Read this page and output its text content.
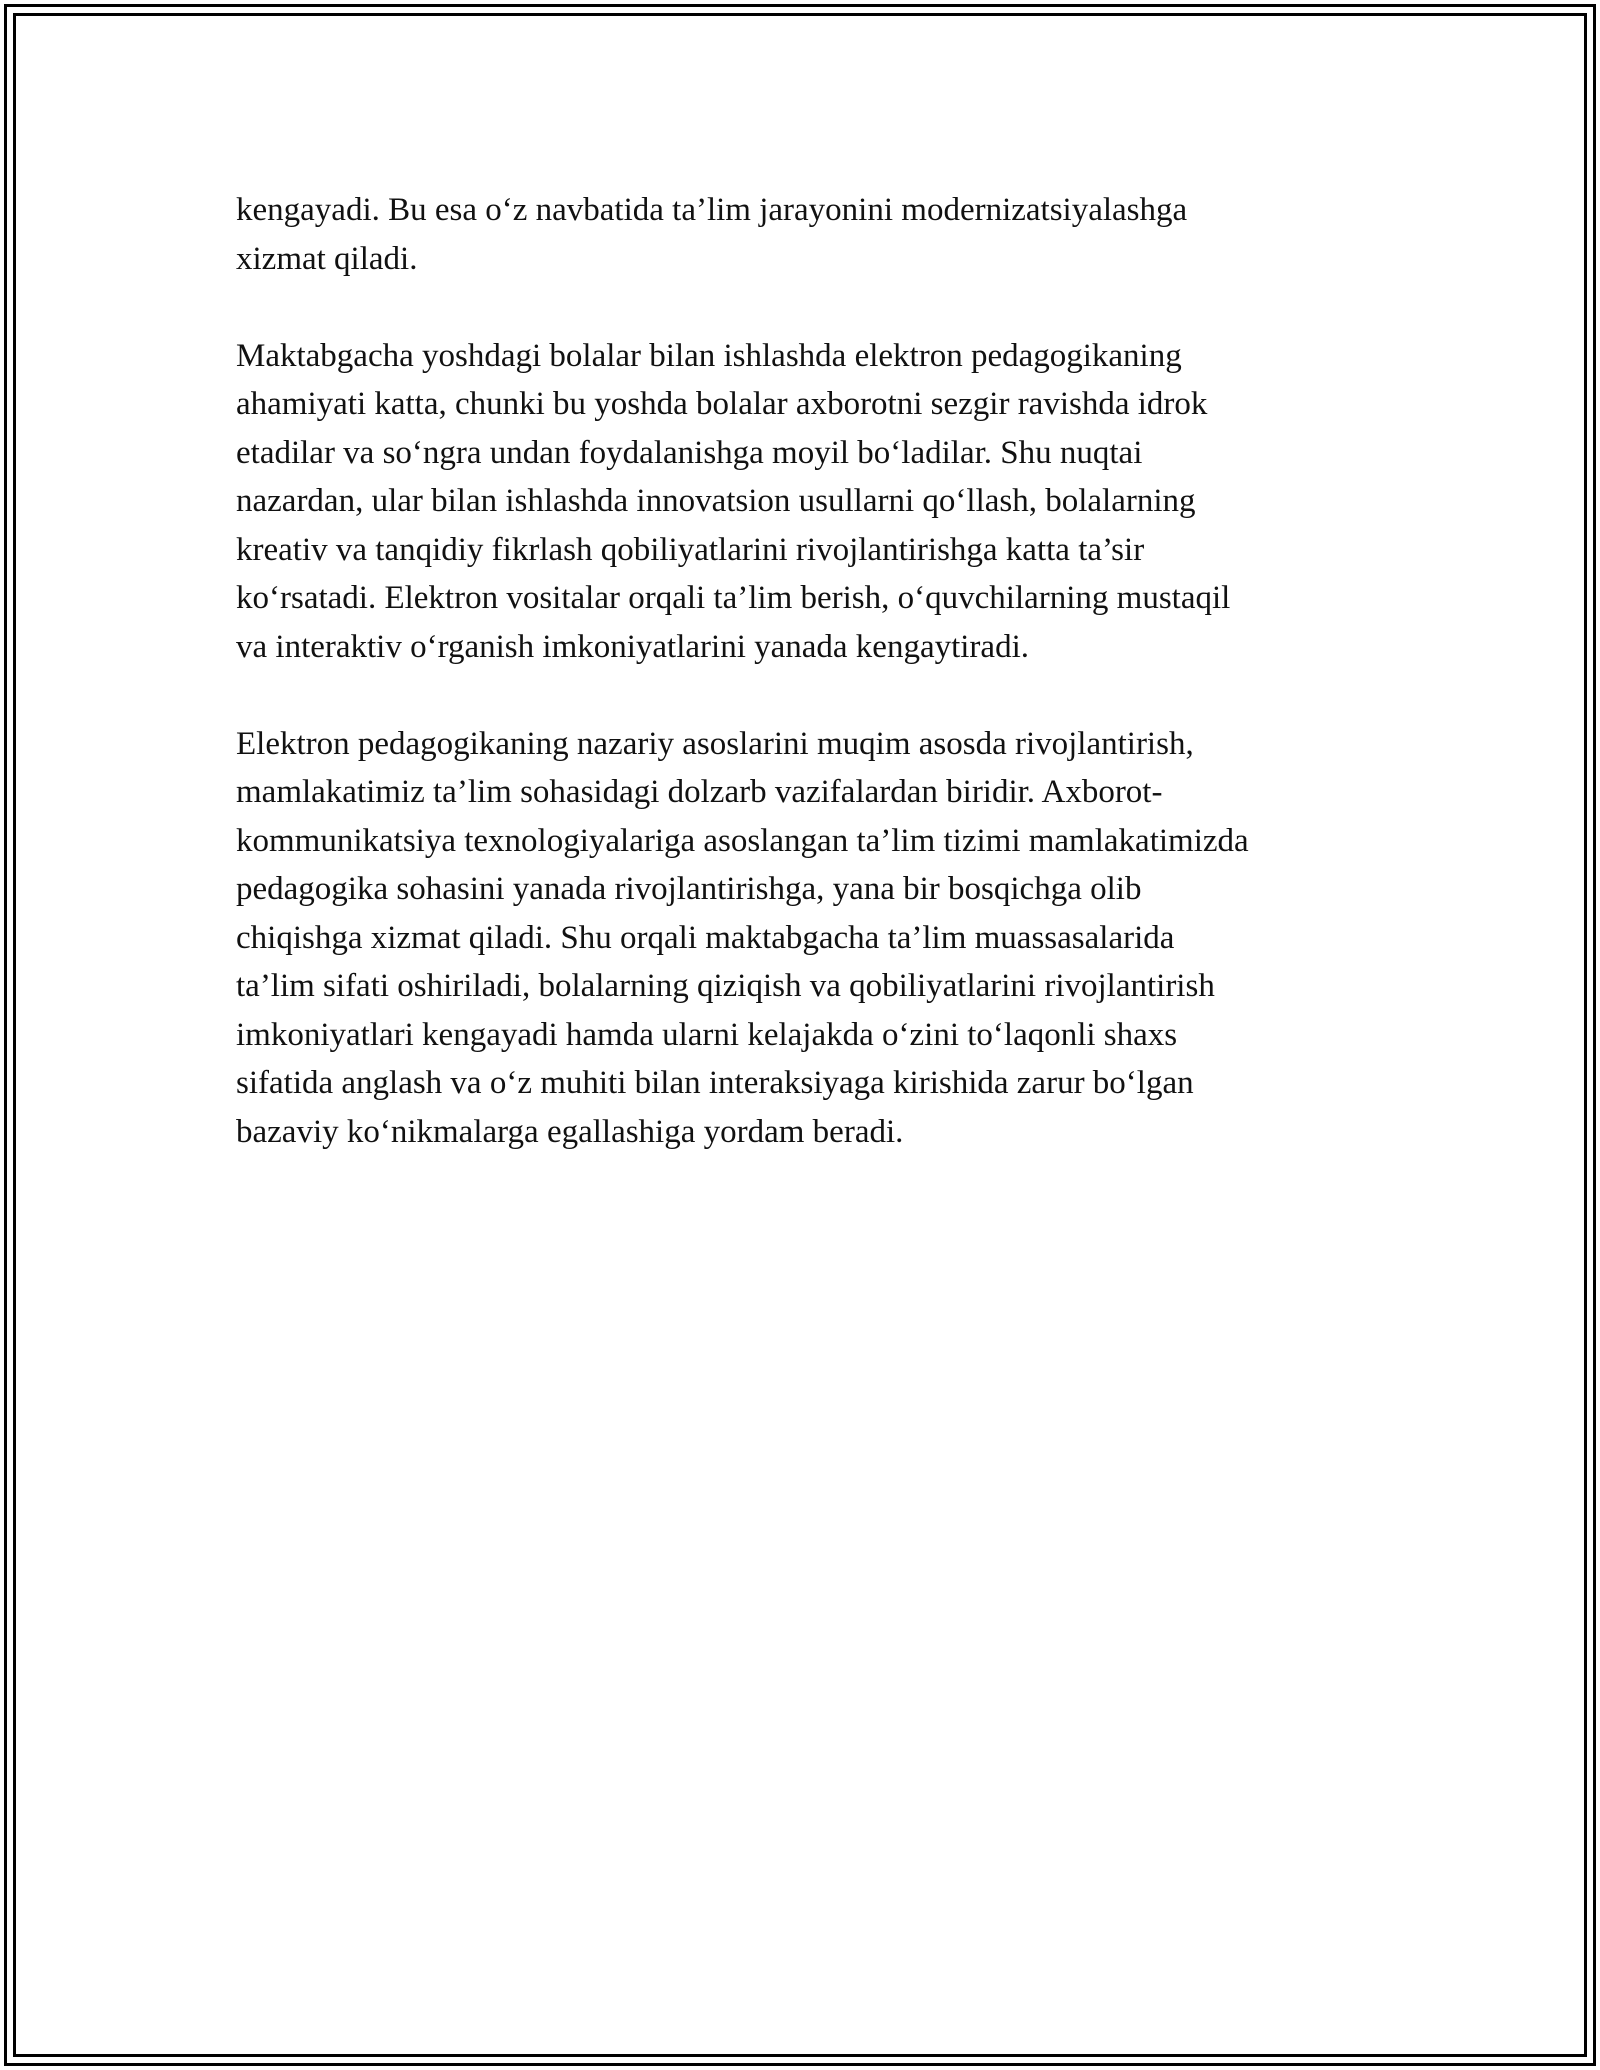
kengayadi. Bu esa o‘z navbatida ta’lim jarayonini modernizatsiyalashga
xizmat qiladi.

Maktabgacha yoshdagi bolalar bilan ishlashda elektron pedagogikaning
ahamiyati katta, chunki bu yoshda bolalar axborotni sezgir ravishda idrok
etadilar va so‘ngra undan foydalanishga moyil bo‘ladilar. Shu nuqtai
nazardan, ular bilan ishlashda innovatsion usullarni qo‘llash, bolalarning
kreativ va tanqidiy fikrlash qobiliyatlarini rivojlantirishga katta ta’sir
ko‘rsatadi. Elektron vositalar orqali ta’lim berish, o‘quvchilarning mustaqil
va interaktiv o‘rganish imkoniyatlarini yanada kengaytiradi.

Elektron pedagogikaning nazariy asoslarini muqim asosda rivojlantirish,
mamlakatimiz ta’lim sohasidagi dolzarb vazifalardan biridir. Axborot-
kommunikatsiya texnologiyalariga asoslangan ta’lim tizimi mamlakatimizda
pedagogika sohasini yanada rivojlantirishga, yana bir bosqichga olib
chiqishga xizmat qiladi. Shu orqali maktabgacha ta’lim muassasalarida
ta’lim sifati oshiriladi, bolalarning qiziqish va qobiliyatlarini rivojlantirish
imkoniyatlari kengayadi hamda ularni kelajakda o‘zini to‘laqonli shaxs
sifatida anglash va o‘z muhiti bilan interaksiyaga kirishida zarur bo‘lgan
bazaviy ko‘nikmalarga egallashiga yordam beradi.
